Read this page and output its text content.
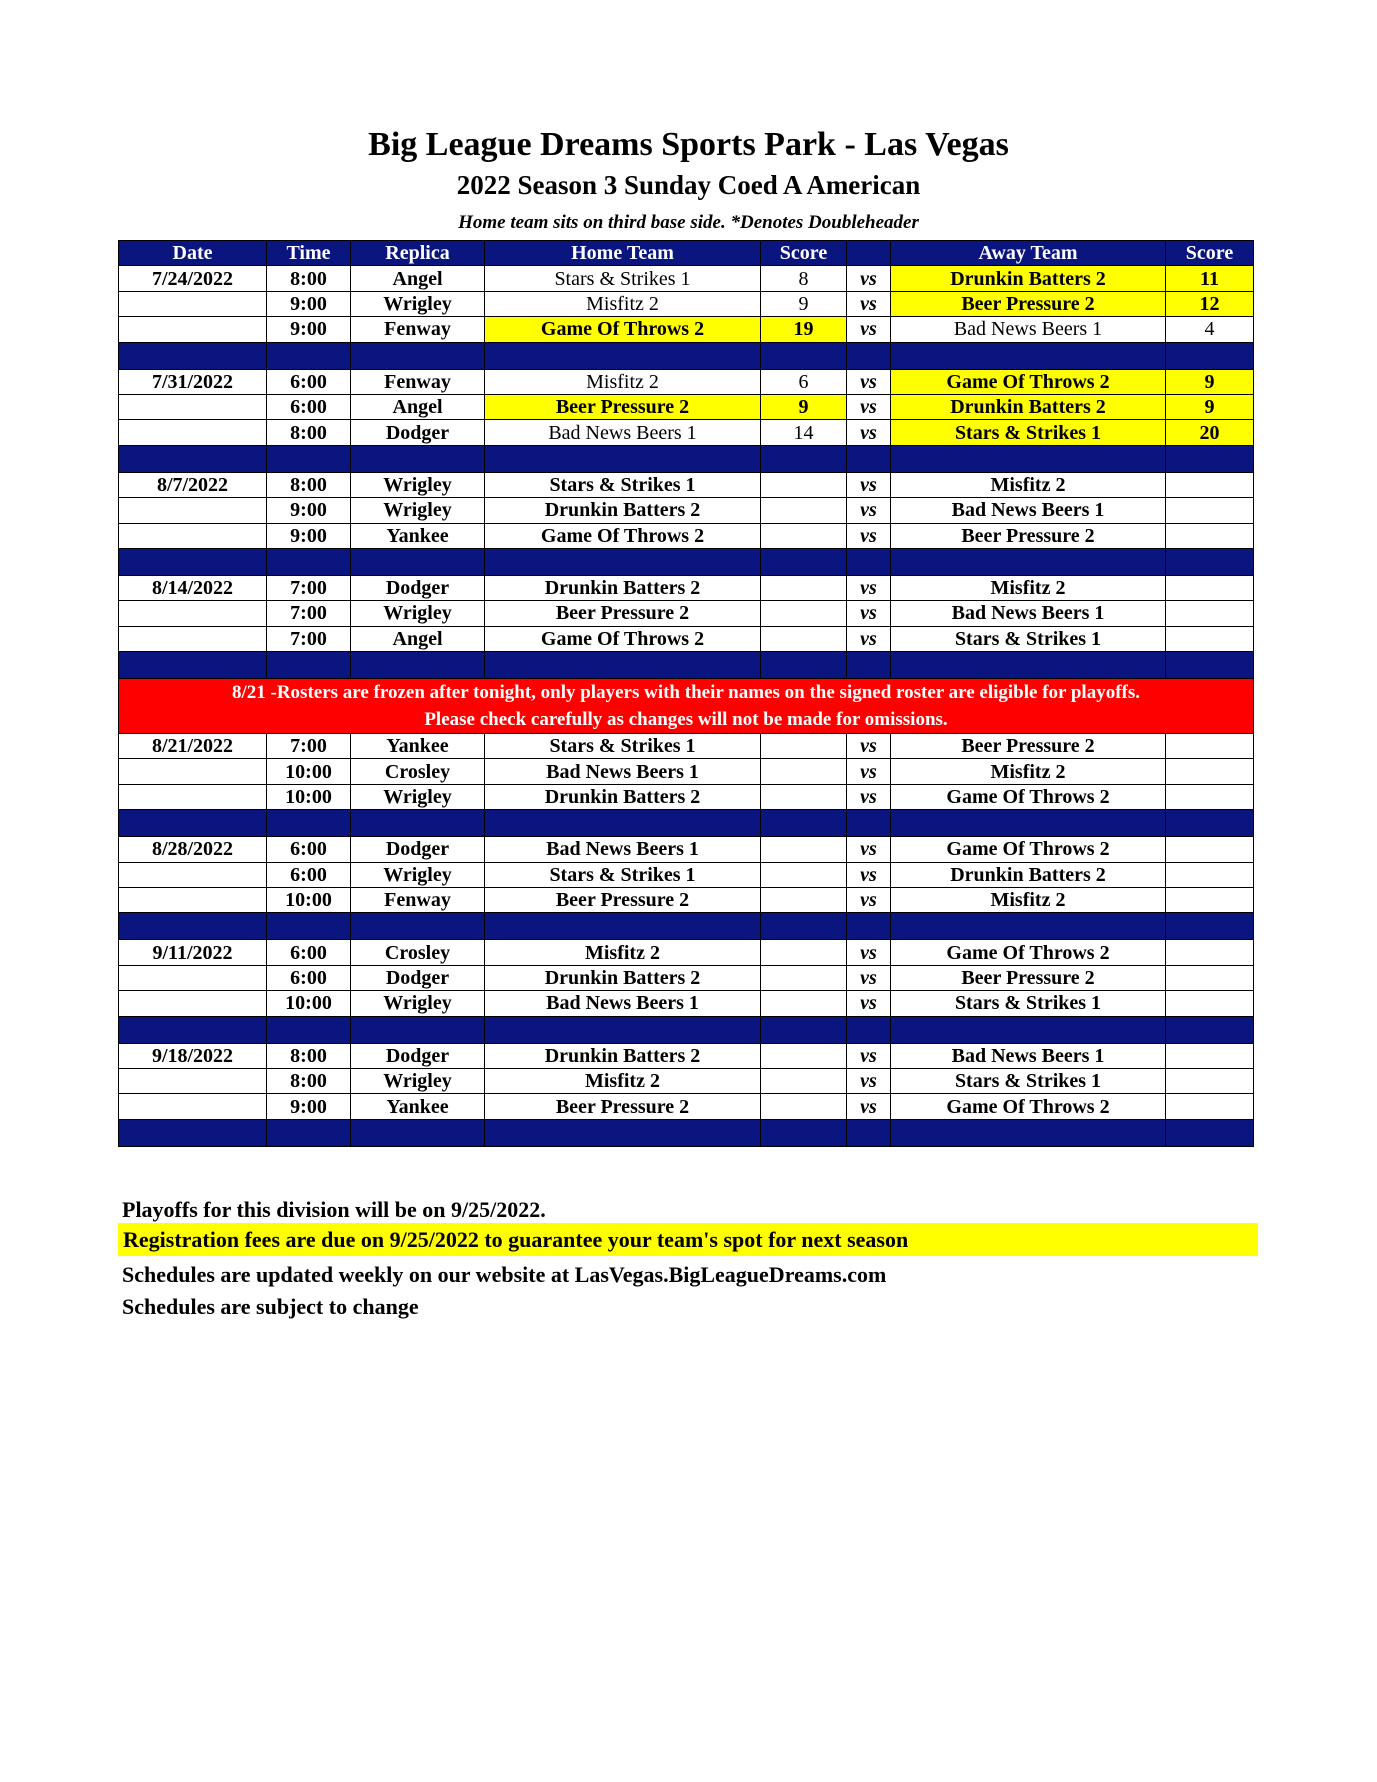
Big League Dreams Sports Park - Las Vegas
2022 Season 3 Sunday Coed A American
Home team sits on third base side. *Denotes Doubleheader
Date	Time	Replica	Home Team	Score		Away Team	Score
7/24/2022	8:00	Angel	Stars & Strikes 1	8	vs	Drunkin Batters 2	11
	9:00	Wrigley	Misfitz 2	9	vs	Beer Pressure 2	12
	9:00	Fenway	Game Of Throws 2	19	vs	Bad News Beers 1	4

7/31/2022	6:00	Fenway	Misfitz 2	6	vs	Game Of Throws 2	9
	6:00	Angel	Beer Pressure 2	9	vs	Drunkin Batters 2	9
	8:00	Dodger	Bad News Beers 1	14	vs	Stars & Strikes 1	20

8/7/2022	8:00	Wrigley	Stars & Strikes 1		vs	Misfitz 2	
	9:00	Wrigley	Drunkin Batters 2		vs	Bad News Beers 1	
	9:00	Yankee	Game Of Throws 2		vs	Beer Pressure 2	

8/14/2022	7:00	Dodger	Drunkin Batters 2		vs	Misfitz 2	
	7:00	Wrigley	Beer Pressure 2		vs	Bad News Beers 1	
	7:00	Angel	Game Of Throws 2		vs	Stars & Strikes 1	

8/21 -Rosters are frozen after tonight, only players with their names on the signed roster are eligible for playoffs.
Please check carefully as changes will not be made for omissions.							

8/21/2022	7:00	Yankee	Stars & Strikes 1		vs	Beer Pressure 2	
	10:00	Crosley	Bad News Beers 1		vs	Misfitz 2	
	10:00	Wrigley	Drunkin Batters 2		vs	Game Of Throws 2	

8/28/2022	6:00	Dodger	Bad News Beers 1		vs	Game Of Throws 2	
	6:00	Wrigley	Stars & Strikes 1		vs	Drunkin Batters 2	
	10:00	Fenway	Beer Pressure 2		vs	Misfitz 2	

9/11/2022	6:00	Crosley	Misfitz 2		vs	Game Of Throws 2	
	6:00	Dodger	Drunkin Batters 2		vs	Beer Pressure 2	
	10:00	Wrigley	Bad News Beers 1		vs	Stars & Strikes 1	

9/18/2022	8:00	Dodger	Drunkin Batters 2		vs	Bad News Beers 1	
	8:00	Wrigley	Misfitz 2		vs	Stars & Strikes 1	
	9:00	Yankee	Beer Pressure 2		vs	Game Of Throws 2	

Playoffs for this division will be on 9/25/2022.
Registration fees are due on 9/25/2022 to guarantee your team's spot for next season
Schedules are updated weekly on our website at LasVegas.BigLeagueDreams.com
Schedules are subject to change
